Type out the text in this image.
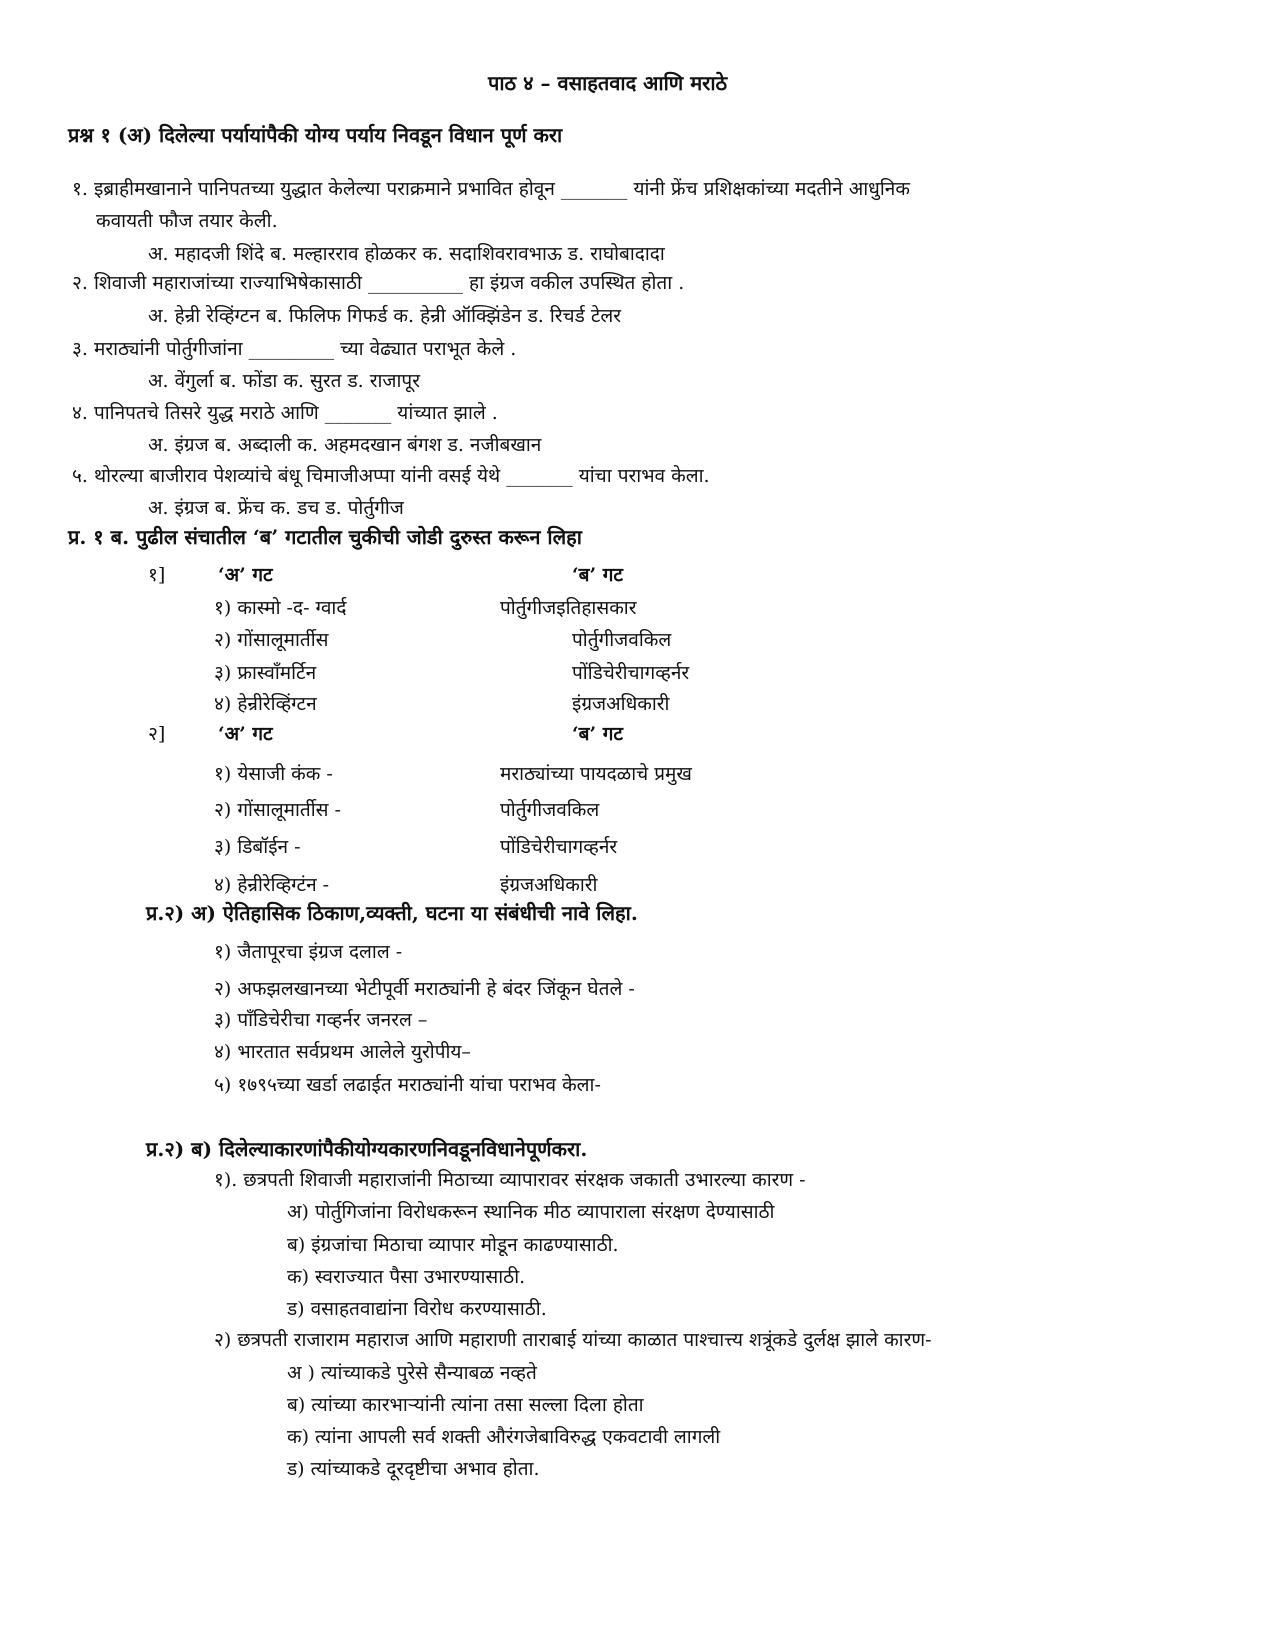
पाठ ४ – वसाहतवाद आणि मराठे
प्रश्न १ (अ) दिलेल्या पर्यायांपैकी योग्य पर्याय निवडून विधान पूर्ण करा
१. इब्राहीमखानाने पानिपतच्या युद्धात केलेल्या पराक्रमाने प्रभावित होवून _______ यांनी फ्रेंच प्रशिक्षकांच्या मदतीने आधुनिक
कवायती फौज तयार केली.
अ. महादजी शिंदे ब. मल्हारराव होळकर क. सदाशिवरावभाऊ ड. राघोबादादा
२. शिवाजी महाराजांच्या राज्याभिषेकासाठी __________ हा इंग्रज वकील उपस्थित होता .
अ. हेन्री रेव्हिंग्टन ब. फिलिफ गिफर्ड क. हेन्री ऑक्झिंडेन ड. रिचर्ड टेलर
३. मराठ्यांनी पोर्तुगीजांना _________ च्या वेढ्यात पराभूत केले .
अ. वेंगुर्ला ब. फोंडा क. सुरत ड. राजापूर
४. पानिपतचे तिसरे युद्ध मराठे आणि _______ यांच्यात झाले .
अ. इंग्रज ब. अब्दाली क. अहमदखान बंगश ड. नजीबखान
५. थोरल्या बाजीराव पेशव्यांचे बंधू चिमाजीअप्पा यांनी वसई येथे _______ यांचा पराभव केला.
अ. इंग्रज ब. फ्रेंच क. डच ड. पोर्तुगीज
प्र. १ ब. पुढील संचातील ‘ब’ गटातील चुकीची जोडी दुरुस्त करून लिहा
१]	‘अ’ गट	‘ब’ गट
१) कास्मो -द- ग्वार्द	पोर्तुगीजइतिहासकार
२) गोंसालूमार्तीस	पोर्तुगीजवकिल
३) फ्रास्वाँमर्टिन	पोंडिचेरीचागव्हर्नर
४) हेन्रीरेव्हिंग्टन	इंग्रजअधिकारी
२]	‘अ’ गट	‘ब’ गट
१) येसाजी कंक -	मराठ्यांच्या पायदळाचे प्रमुख
२) गोंसालूमार्तीस -	पोर्तुगीजवकिल
३) डिबॉईन -	पोंडिचेरीचागव्हर्नर
४) हेन्रीरेव्हिग्टंन -	इंग्रजअधिकारी
प्र.२) अ) ऐतिहासिक ठिकाण,व्यक्ती, घटना या संबंधीची नावे लिहा.
१) जैतापूरचा इंग्रज दलाल -
२) अफझलखानच्या भेटीपूर्वी मराठ्यांनी हे बंदर जिंकून घेतले -
३) पाँडिचेरीचा गव्हर्नर जनरल –
४) भारतात सर्वप्रथम आलेले युरोपीय–
५) १७९५च्या खर्डा लढाईत मराठ्यांनी यांचा पराभव केला-
प्र.२) ब) दिलेल्याकारणांपैकीयोग्यकारणनिवडूनविधानेपूर्णकरा.
१). छत्रपती शिवाजी महाराजांनी मिठाच्या व्यापारावर संरक्षक जकाती उभारल्या कारण -
अ) पोर्तुगिजांना विरोधकरून स्थानिक मीठ व्यापाराला संरक्षण देण्यासाठी
ब) इंग्रजांचा मिठाचा व्यापार मोडून काढण्यासाठी.
क) स्वराज्यात पैसा उभारण्यासाठी.
ड) वसाहतवाद्यांना विरोध करण्यासाठी.
२) छत्रपती राजाराम महाराज आणि महाराणी ताराबाई यांच्या काळात पाश्चात्त्य शत्रूंकडे दुर्लक्ष झाले कारण-
अ ) त्यांच्याकडे पुरेसे सैन्याबळ नव्हते
ब) त्यांच्या कारभाऱ्यांनी त्यांना तसा सल्ला दिला होता
क) त्यांना आपली सर्व शक्ती औरंगजेबाविरुद्ध एकवटावी लागली
ड) त्यांच्याकडे दूरदृष्टीचा अभाव होता.
